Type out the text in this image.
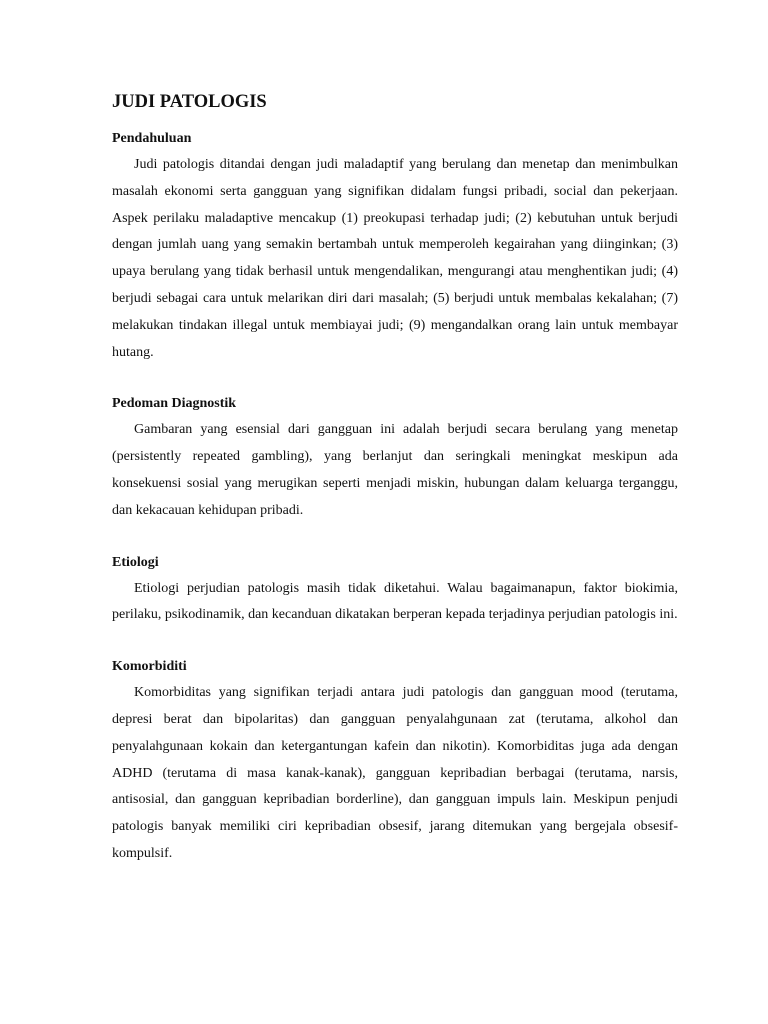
JUDI PATOLOGIS

Pendahuluan

Judi patologis ditandai dengan judi maladaptif yang berulang dan menetap dan menimbulkan masalah ekonomi serta gangguan yang signifikan didalam fungsi pribadi, social dan pekerjaan. Aspek perilaku maladaptive mencakup (1) preokupasi terhadap judi; (2) kebutuhan untuk berjudi dengan jumlah uang yang semakin bertambah untuk memperoleh kegairahan yang diinginkan; (3) upaya berulang yang tidak berhasil untuk mengendalikan, mengurangi atau menghentikan judi; (4) berjudi sebagai cara untuk melarikan diri dari masalah; (5) berjudi untuk membalas kekalahan; (7) melakukan tindakan illegal untuk membiayai judi; (9) mengandalkan orang lain untuk membayar hutang.

Pedoman Diagnostik

Gambaran yang esensial dari gangguan ini adalah berjudi secara berulang yang menetap (persistently repeated gambling), yang berlanjut dan seringkali meningkat meskipun ada konsekuensi sosial yang merugikan seperti menjadi miskin, hubungan dalam keluarga terganggu, dan kekacauan kehidupan pribadi.

Etiologi

Etiologi perjudian patologis masih tidak diketahui. Walau bagaimanapun, faktor biokimia, perilaku, psikodinamik, dan kecanduan dikatakan berperan kepada terjadinya perjudian patologis ini.

Komorbiditi

Komorbiditas yang signifikan terjadi antara judi patologis dan gangguan mood (terutama, depresi berat dan bipolaritas) dan gangguan penyalahgunaan zat (terutama, alkohol dan penyalahgunaan kokain dan ketergantungan kafein dan nikotin). Komorbiditas juga ada dengan ADHD (terutama di masa kanak-kanak), gangguan kepribadian berbagai (terutama, narsis, antisosial, dan gangguan kepribadian borderline), dan gangguan impuls lain. Meskipun penjudi patologis banyak memiliki ciri kepribadian obsesif, jarang ditemukan yang bergejala obsesif-kompulsif.
